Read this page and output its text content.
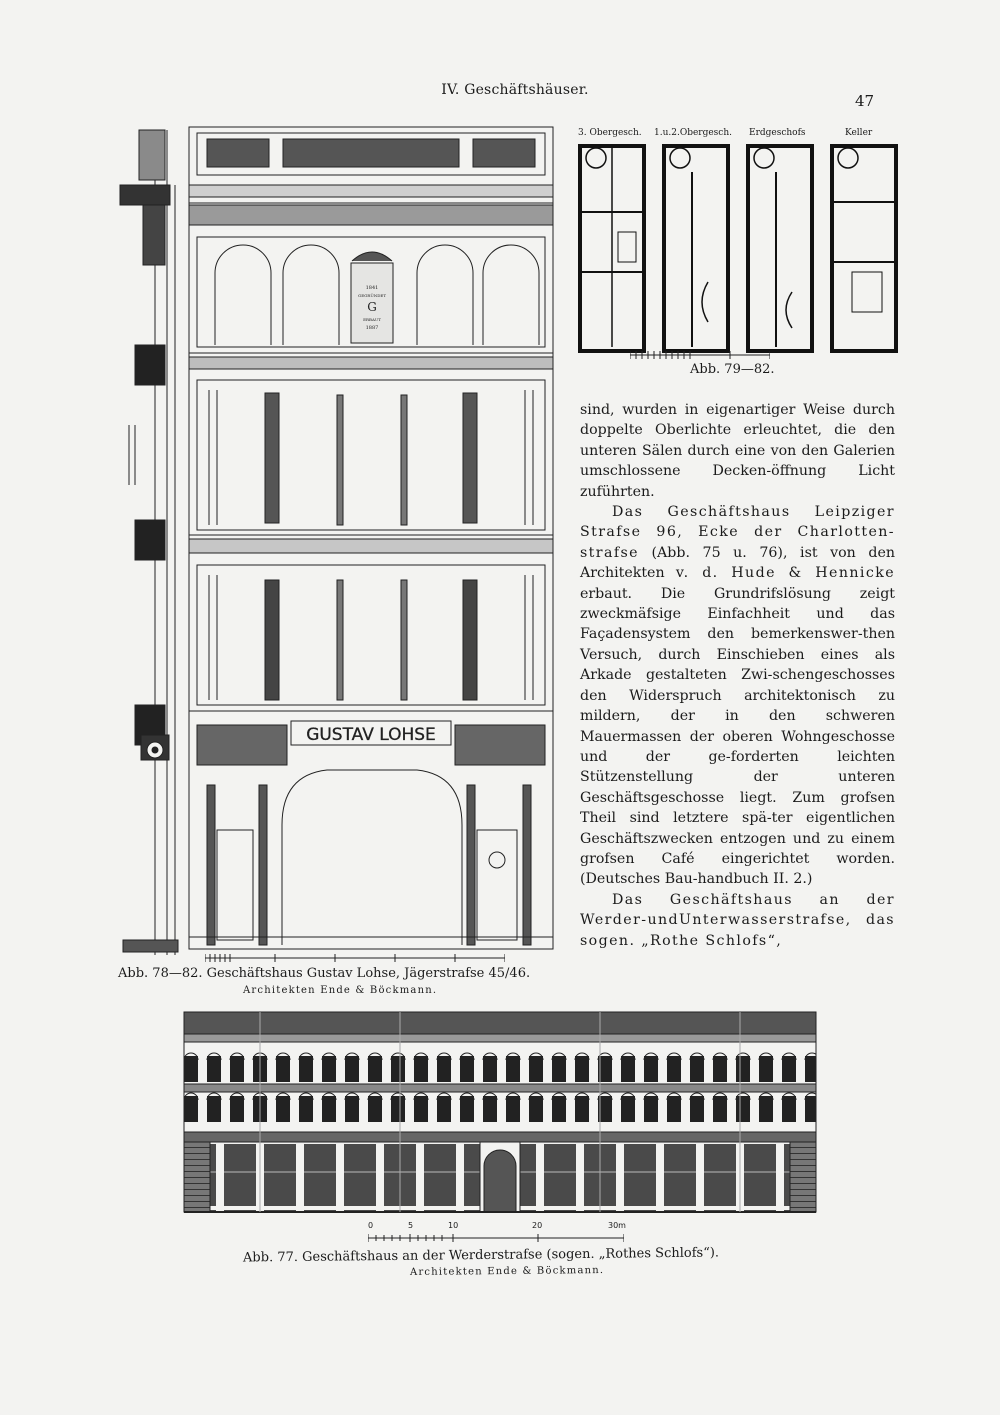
IV. Geschäftshäuser.
47
1841
GEGRÜNDET
G
ERBAUT
1887
GUSTAV LOHSE
Abb. 78—82. Geschäftshaus Gustav Lohse, Jägerstrafse 45/46.
Architekten Ende & Böckmann.
3. Obergesch. 1.u.2.Obergesch. Erdgeschofs	Keller
Abb. 79—82.

sind, wurden in eigenartiger Weise durch doppelte Oberlichte erleuchtet, die den unteren Sälen durch eine von den Galerien umschlossene Decken-öffnung Licht zuführten.

Das Geschäftshaus Leipziger Strafse 96, Ecke der Charlotten-strafse (Abb. 75 u. 76), ist von den Architekten v. d. Hude & Hennicke erbaut. Die Grundrifslösung zeigt zweckmäfsige Einfachheit und das Façadensystem den bemerkenswer-then Versuch, durch Einschieben eines als Arkade gestalteten Zwi-schengeschosses den Widerspruch architektonisch zu mildern, der in den schweren Mauermassen der oberen Wohngeschosse und der ge-forderten leichten Stützenstellung der unteren Geschäftsgeschosse liegt. Zum grofsen Theil sind letztere spä-ter eigentlichen Geschäftszwecken entzogen und zu einem grofsen Café eingerichtet worden. (Deutsches Bau-handbuch II. 2.)

Das Geschäftshaus an der Werder-undUnterwasserstrafse, das sogen. „Rothe Schlofs“,

0	5	10	20	30m
Abb. 77. Geschäftshaus an der Werderstrafse (sogen. „Rothes Schlofs“).
Architekten Ende & Böckmann.
